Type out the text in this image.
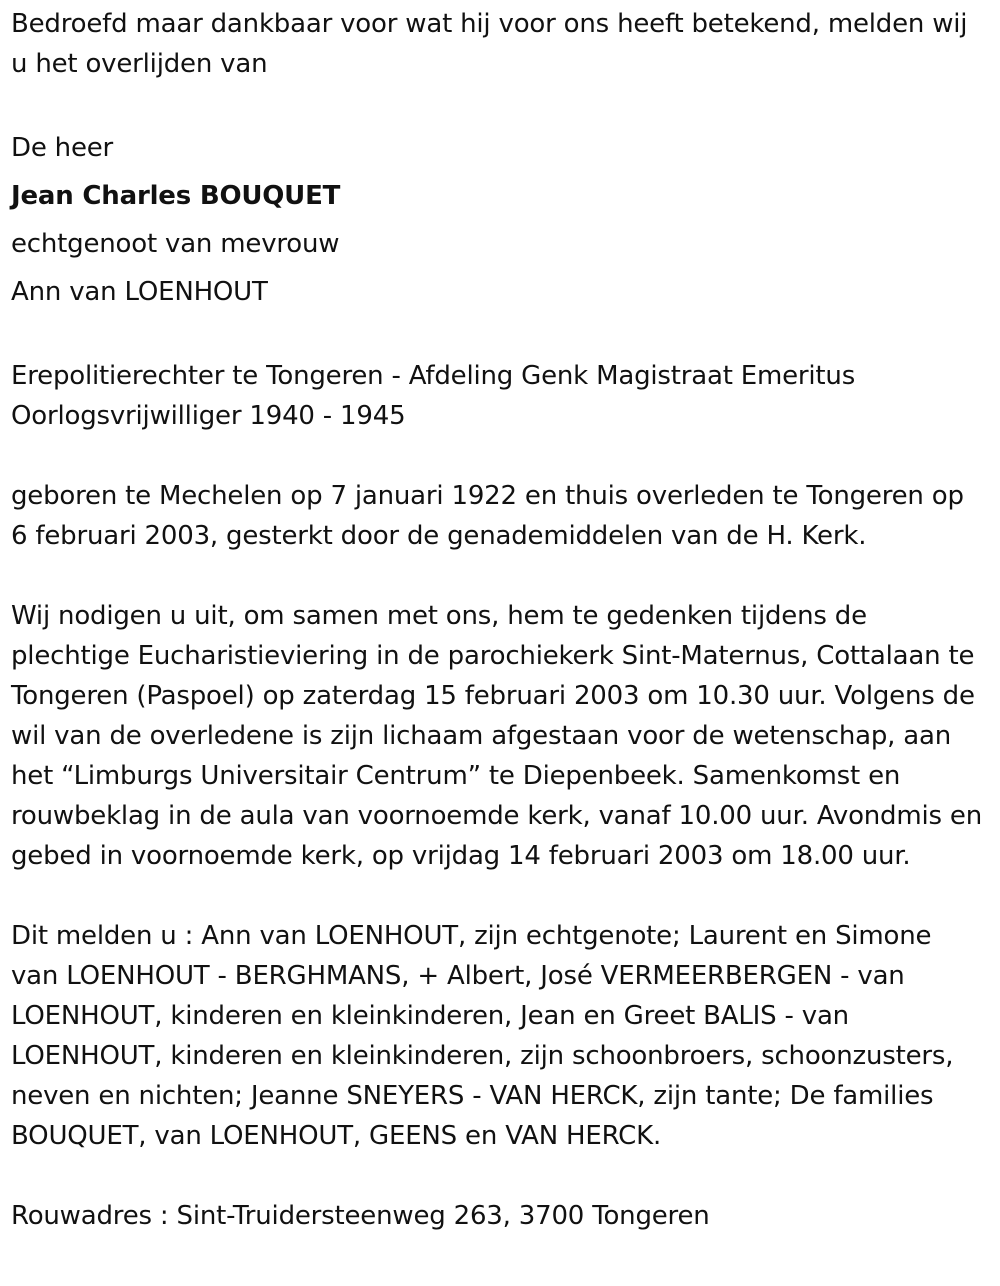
Bedroefd maar dankbaar voor wat hij voor ons heeft betekend, melden wij u het overlijden van

De heer

Jean Charles BOUQUET

echtgenoot van mevrouw

Ann van LOENHOUT

Erepolitierechter te Tongeren - Afdeling Genk Magistraat Emeritus

Oorlogsvrijwilliger 1940 - 1945

geboren te Mechelen op 7 januari 1922 en thuis overleden te Tongeren op 6 februari 2003, gesterkt door de genademiddelen van de H. Kerk.

Wij nodigen u uit, om samen met ons, hem te gedenken tijdens de plechtige Eucharistieviering in de parochiekerk Sint-Maternus, Cottalaan te Tongeren (Paspoel) op zaterdag 15 februari 2003 om 10.30 uur. Volgens de wil van de overledene is zijn lichaam afgestaan voor de wetenschap, aan het “Limburgs Universitair Centrum” te Diepenbeek. Samenkomst en rouwbeklag in de aula van voornoemde kerk, vanaf 10.00 uur. Avondmis en gebed in voornoemde kerk, op vrijdag 14 februari 2003 om 18.00 uur.

Dit melden u : Ann van LOENHOUT, zijn echtgenote; Laurent en Simone van LOENHOUT - BERGHMANS, + Albert, José VERMEERBERGEN - van LOENHOUT, kinderen en kleinkinderen, Jean en Greet BALIS - van LOENHOUT, kinderen en kleinkinderen, zijn schoonbroers, schoonzusters, neven en nichten; Jeanne SNEYERS - VAN HERCK, zijn tante; De families BOUQUET, van LOENHOUT, GEENS en VAN HERCK.

Rouwadres : Sint-Truidersteenweg 263, 3700 Tongeren
